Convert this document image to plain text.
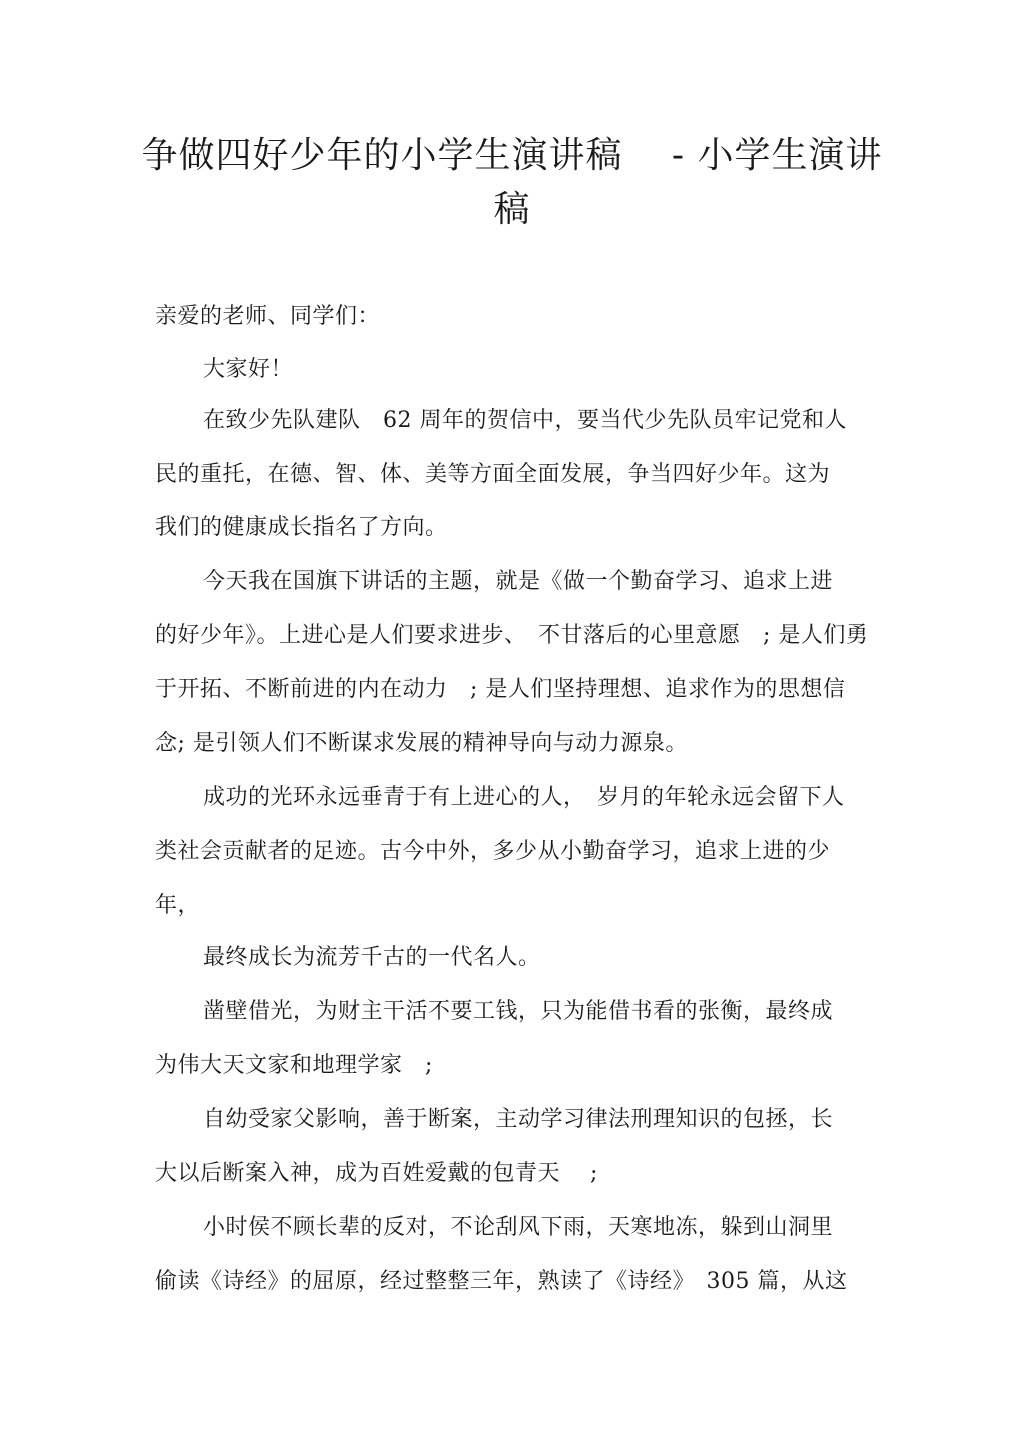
争做四好少年的小学生演讲稿　 - 小学生演讲
稿
亲爱的老师、同学们：
大家好！
在致少先队建队　62 周年的贺信中，要当代少先队员牢记党和人
民的重托，在德、智、体、美等方面全面发展，争当四好少年。这为
我们的健康成长指名了方向。
今天我在国旗下讲话的主题，就是《做一个勤奋学习、追求上进
的好少年》。上进心是人们要求进步、　不甘落后的心里意愿　; 是人们勇
于开拓、不断前进的内在动力　; 是人们坚持理想、追求作为的思想信
念; 是引领人们不断谋求发展的精神导向与动力源泉。
成功的光环永远垂青于有上进心的人，　岁月的年轮永远会留下人
类社会贡献者的足迹。古今中外，多少从小勤奋学习，追求上进的少
年，
最终成长为流芳千古的一代名人。
凿壁借光，为财主干活不要工钱，只为能借书看的张衡，最终成
为伟大天文家和地理学家　;
自幼受家父影响，善于断案，主动学习律法刑理知识的包拯，长
大以后断案入神，成为百姓爱戴的包青天　 ;
小时侯不顾长辈的反对，不论刮风下雨，天寒地冻，躲到山洞里
偷读《诗经》的屈原，经过整整三年，熟读了《诗经》　305 篇，从这
